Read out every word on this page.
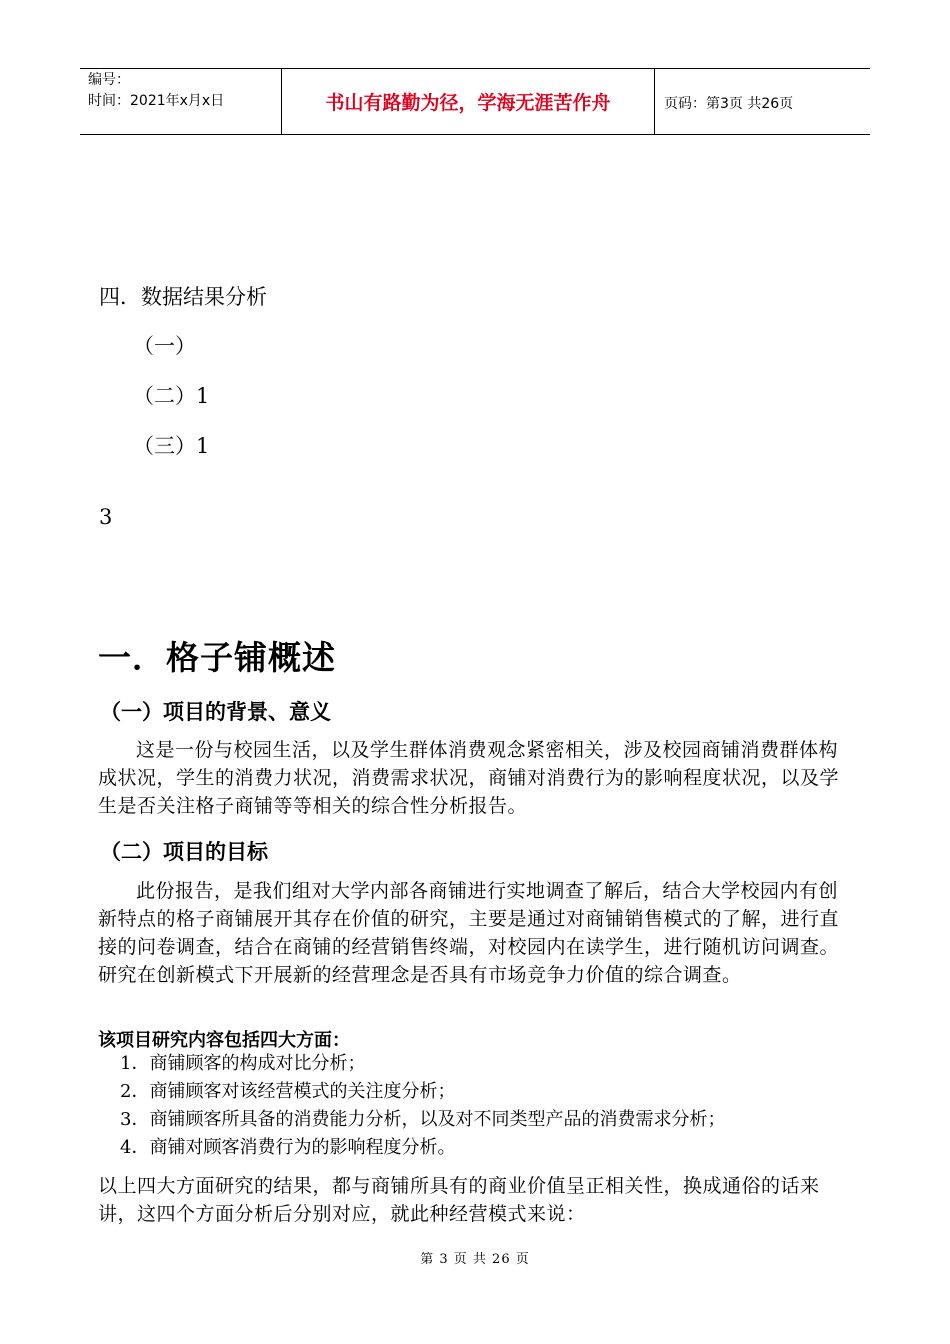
编号：
时间：2021年x月x日	书山有路勤为径，学海无涯苦作舟	页码：第3页 共26页
四．数据结果分析
（一）
（二）1
（三）1
3
一．格子铺概述
（一）项目的背景、意义
这是一份与校园生活，以及学生群体消费观念紧密相关，涉及校园商铺消费群体构成状况，学生的消费力状况，消费需求状况，商铺对消费行为的影响程度状况，以及学生是否关注格子商铺等等相关的综合性分析报告。
（二）项目的目标
此份报告，是我们组对大学内部各商铺进行实地调查了解后，结合大学校园内有创新特点的格子商铺展开其存在价值的研究，主要是通过对商铺销售模式的了解，进行直接的问卷调查，结合在商铺的经营销售终端，对校园内在读学生，进行随机访问调查。研究在创新模式下开展新的经营理念是否具有市场竞争力价值的综合调查。
该项目研究内容包括四大方面：
1．商铺顾客的构成对比分析；
2．商铺顾客对该经营模式的关注度分析；
3．商铺顾客所具备的消费能力分析，以及对不同类型产品的消费需求分析；
4．商铺对顾客消费行为的影响程度分析。
以上四大方面研究的结果，都与商铺所具有的商业价值呈正相关性，换成通俗的话来讲，这四个方面分析后分别对应，就此种经营模式来说：
第 3 页 共 26 页
